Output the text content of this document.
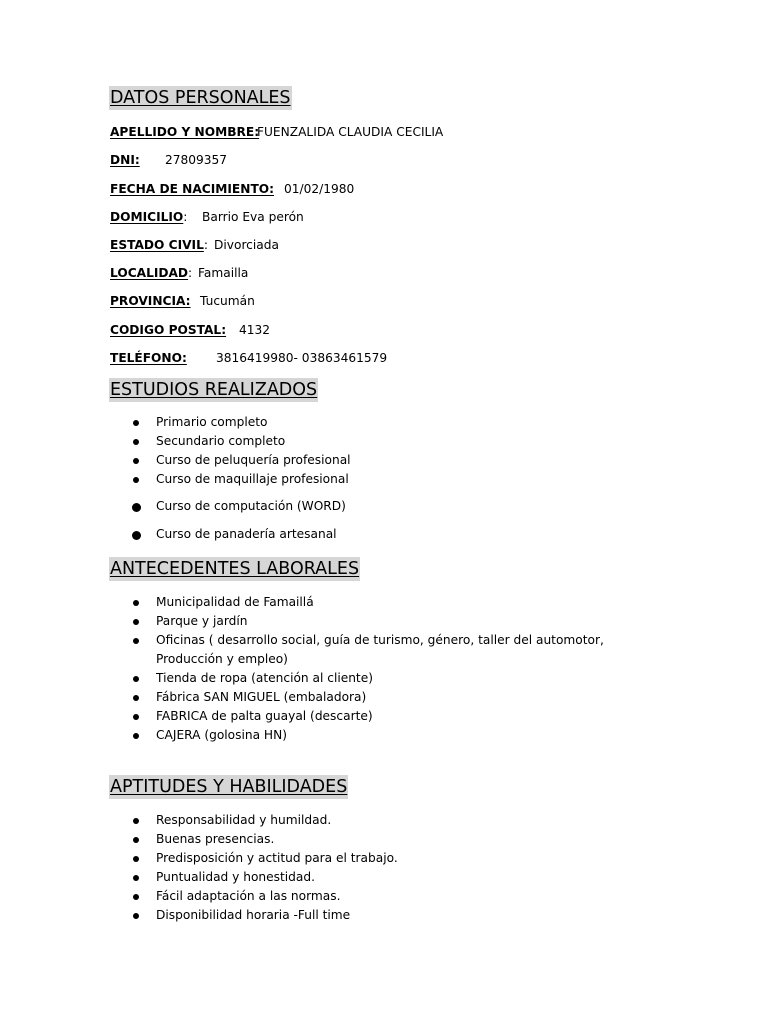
DATOS PERSONALES
APELLIDO Y NOMBRE:
FUENZALIDA CLAUDIA CECILIA
DNI: 27809357
FECHA DE NACIMIENTO: 01/02/1980
DOMICILIO: Barrio Eva perón
ESTADO CIVIL: Divorciada
LOCALIDAD: Famailla
PROVINCIA: Tucumán
CODIGO POSTAL: 4132
TELÉFONO: 3816419980- 03863461579
ESTUDIOS REALIZADOS
Primario completo
Secundario completo
Curso de peluquería profesional
Curso de maquillaje profesional
Curso de computación (WORD)
Curso de panadería artesanal
ANTECEDENTES LABORALES
Municipalidad de Famaillá
Parque y jardín
Oficinas ( desarrollo social, guía de turismo, género, taller del automotor,
Producción y empleo)
Tienda de ropa (atención al cliente)
Fábrica SAN MIGUEL (embaladora)
FABRICA de palta guayal (descarte)
CAJERA (golosina HN)
APTITUDES Y HABILIDADES
Responsabilidad y humildad.
Buenas presencias.
Predisposición y actitud para el trabajo.
Puntualidad y honestidad.
Fácil adaptación a las normas.
Disponibilidad horaria -Full time
